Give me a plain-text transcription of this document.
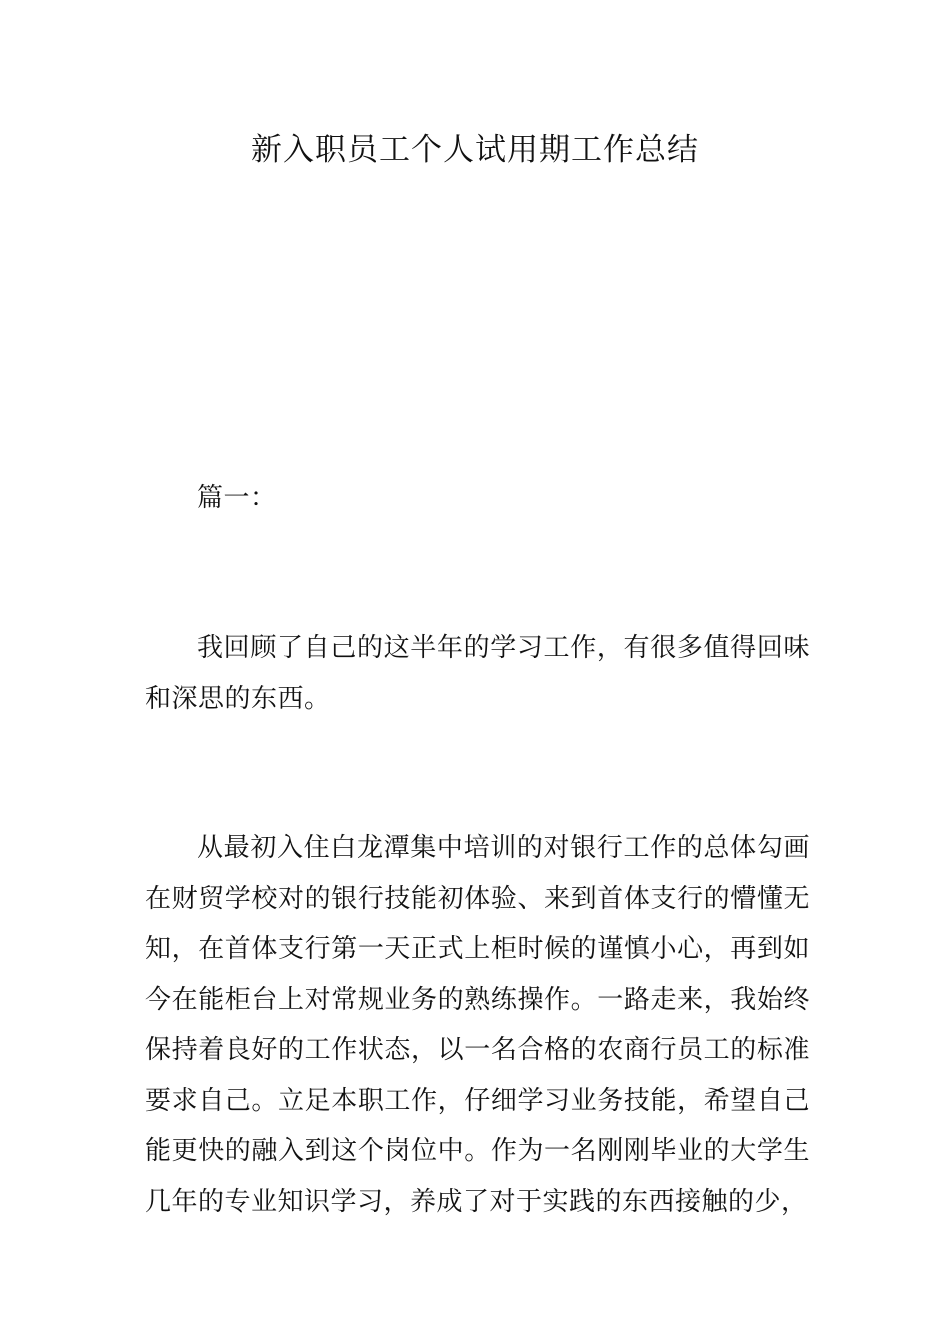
新入职员工个人试用期工作总结

篇一：

我回顾了自己的这半年的学习工作，有很多值得回味和深思的东西。

从最初入住白龙潭集中培训的对银行工作的总体勾画在财贸学校对的银行技能初体验、来到首体支行的懵懂无知，在首体支行第一天正式上柜时候的谨慎小心，再到如今在能柜台上对常规业务的熟练操作。一路走来，我始终保持着良好的工作状态，以一名合格的农商行员工的标准要求自己。立足本职工作，仔细学习业务技能，希望自己能更快的融入到这个岗位中。作为一名刚刚毕业的大学生几年的专业知识学习，养成了对于实践的东西接触的少，
